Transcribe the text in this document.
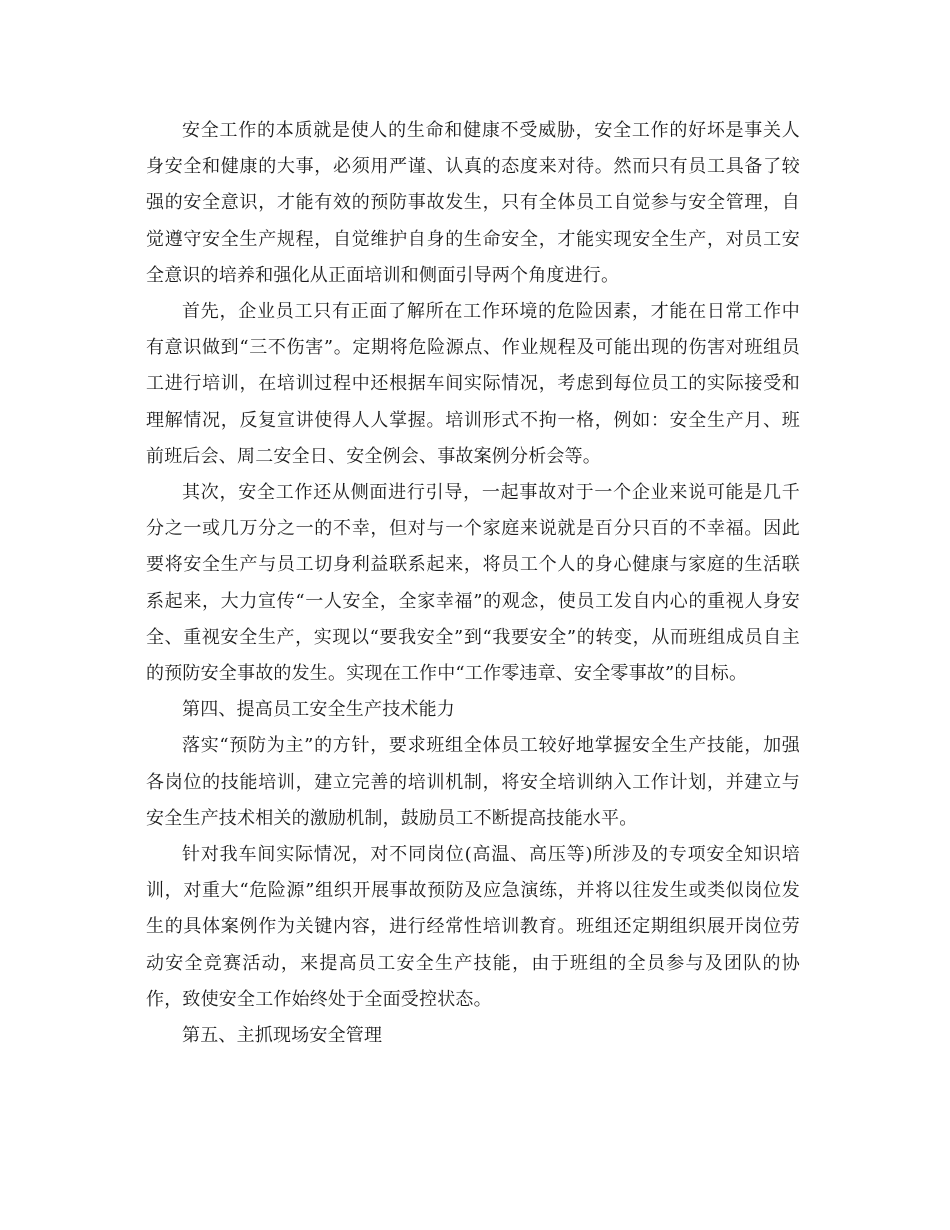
安全工作的本质就是使人的生命和健康不受威胁，安全工作的好坏是事关人身安全和健康的大事，必须用严谨、认真的态度来对待。然而只有员工具备了较强的安全意识，才能有效的预防事故发生，只有全体员工自觉参与安全管理，自觉遵守安全生产规程，自觉维护自身的生命安全，才能实现安全生产，对员工安全意识的培养和强化从正面培训和侧面引导两个角度进行。

首先，企业员工只有正面了解所在工作环境的危险因素，才能在日常工作中有意识做到“三不伤害”。定期将危险源点、作业规程及可能出现的伤害对班组员工进行培训，在培训过程中还根据车间实际情况，考虑到每位员工的实际接受和理解情况，反复宣讲使得人人掌握。培训形式不拘一格，例如：安全生产月、班前班后会、周二安全日、安全例会、事故案例分析会等。

其次，安全工作还从侧面进行引导，一起事故对于一个企业来说可能是几千分之一或几万分之一的不幸，但对与一个家庭来说就是百分只百的不幸福。因此要将安全生产与员工切身利益联系起来，将员工个人的身心健康与家庭的生活联系起来，大力宣传“一人安全，全家幸福”的观念，使员工发自内心的重视人身安全、重视安全生产，实现以“要我安全”到“我要安全”的转变，从而班组成员自主的预防安全事故的发生。实现在工作中“工作零违章、安全零事故”的目标。

第四、提高员工安全生产技术能力

落实“预防为主”的方针，要求班组全体员工较好地掌握安全生产技能，加强各岗位的技能培训，建立完善的培训机制，将安全培训纳入工作计划，并建立与安全生产技术相关的激励机制，鼓励员工不断提高技能水平。

针对我车间实际情况，对不同岗位(高温、高压等)所涉及的专项安全知识培训，对重大“危险源”组织开展事故预防及应急演练，并将以往发生或类似岗位发生的具体案例作为关键内容，进行经常性培训教育。班组还定期组织展开岗位劳动安全竞赛活动，来提高员工安全生产技能，由于班组的全员参与及团队的协作，致使安全工作始终处于全面受控状态。

第五、主抓现场安全管理
